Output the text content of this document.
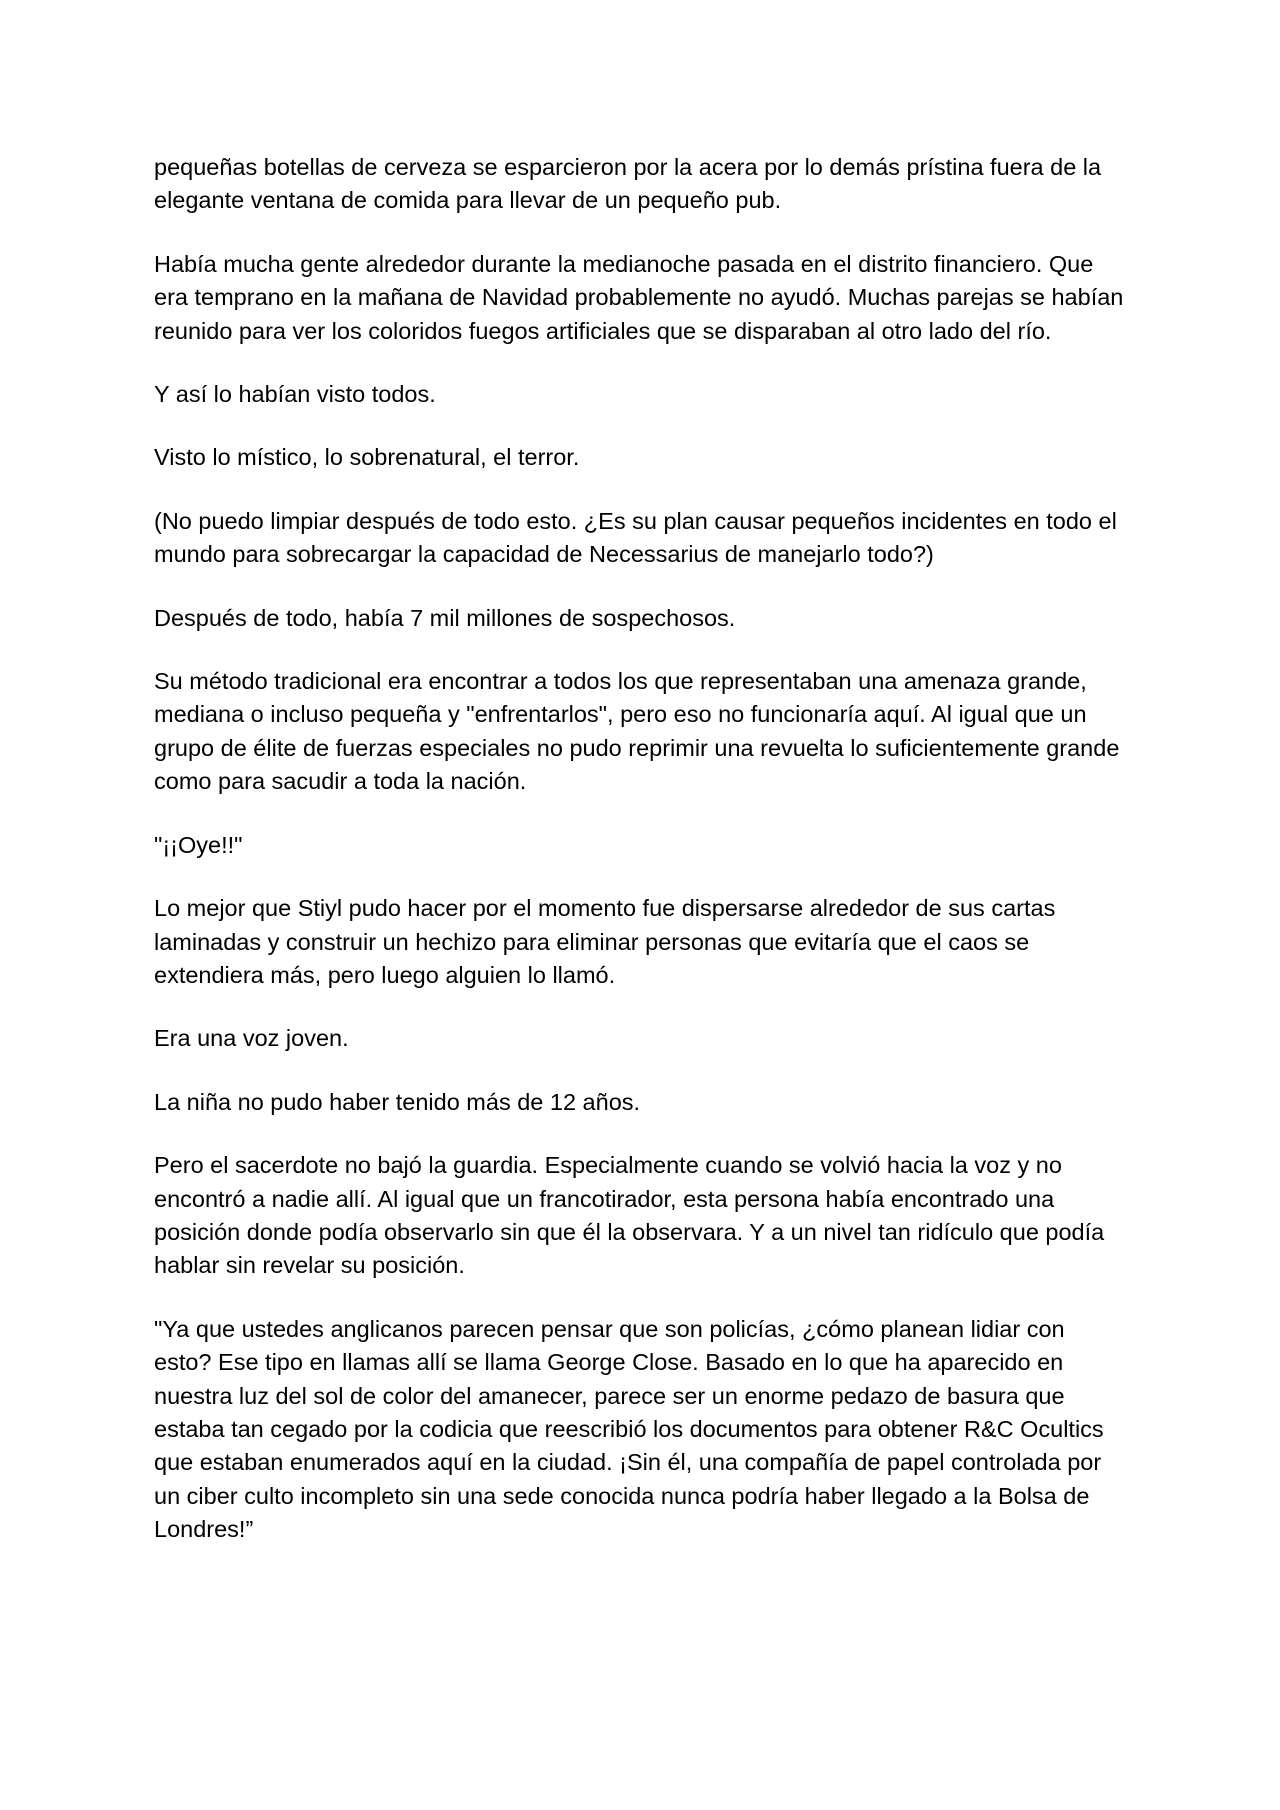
pequeñas botellas de cerveza se esparcieron por la acera por lo demás prístina fuera de la elegante ventana de comida para llevar de un pequeño pub.

Había mucha gente alrededor durante la medianoche pasada en el distrito financiero. Que era temprano en la mañana de Navidad probablemente no ayudó. Muchas parejas se habían reunido para ver los coloridos fuegos artificiales que se disparaban al otro lado del río.

Y así lo habían visto todos.

Visto lo místico, lo sobrenatural, el terror.

(No puedo limpiar después de todo esto. ¿Es su plan causar pequeños incidentes en todo el mundo para sobrecargar la capacidad de Necessarius de manejarlo todo?)

Después de todo, había 7 mil millones de sospechosos.

Su método tradicional era encontrar a todos los que representaban una amenaza grande, mediana o incluso pequeña y "enfrentarlos", pero eso no funcionaría aquí. Al igual que un grupo de élite de fuerzas especiales no pudo reprimir una revuelta lo suficientemente grande como para sacudir a toda la nación.

"¡¡Oye!!"

Lo mejor que Stiyl pudo hacer por el momento fue dispersarse alrededor de sus cartas laminadas y construir un hechizo para eliminar personas que evitaría que el caos se extendiera más, pero luego alguien lo llamó.

Era una voz joven.

La niña no pudo haber tenido más de 12 años.

Pero el sacerdote no bajó la guardia. Especialmente cuando se volvió hacia la voz y no encontró a nadie allí. Al igual que un francotirador, esta persona había encontrado una posición donde podía observarlo sin que él la observara. Y a un nivel tan ridículo que podía hablar sin revelar su posición.

"Ya que ustedes anglicanos parecen pensar que son policías, ¿cómo planean lidiar con esto? Ese tipo en llamas allí se llama George Close. Basado en lo que ha aparecido en nuestra luz del sol de color del amanecer, parece ser un enorme pedazo de basura que estaba tan cegado por la codicia que reescribió los documentos para obtener R&C Ocultics que estaban enumerados aquí en la ciudad. ¡Sin él, una compañía de papel controlada por un ciber culto incompleto sin una sede conocida nunca podría haber llegado a la Bolsa de Londres!”
